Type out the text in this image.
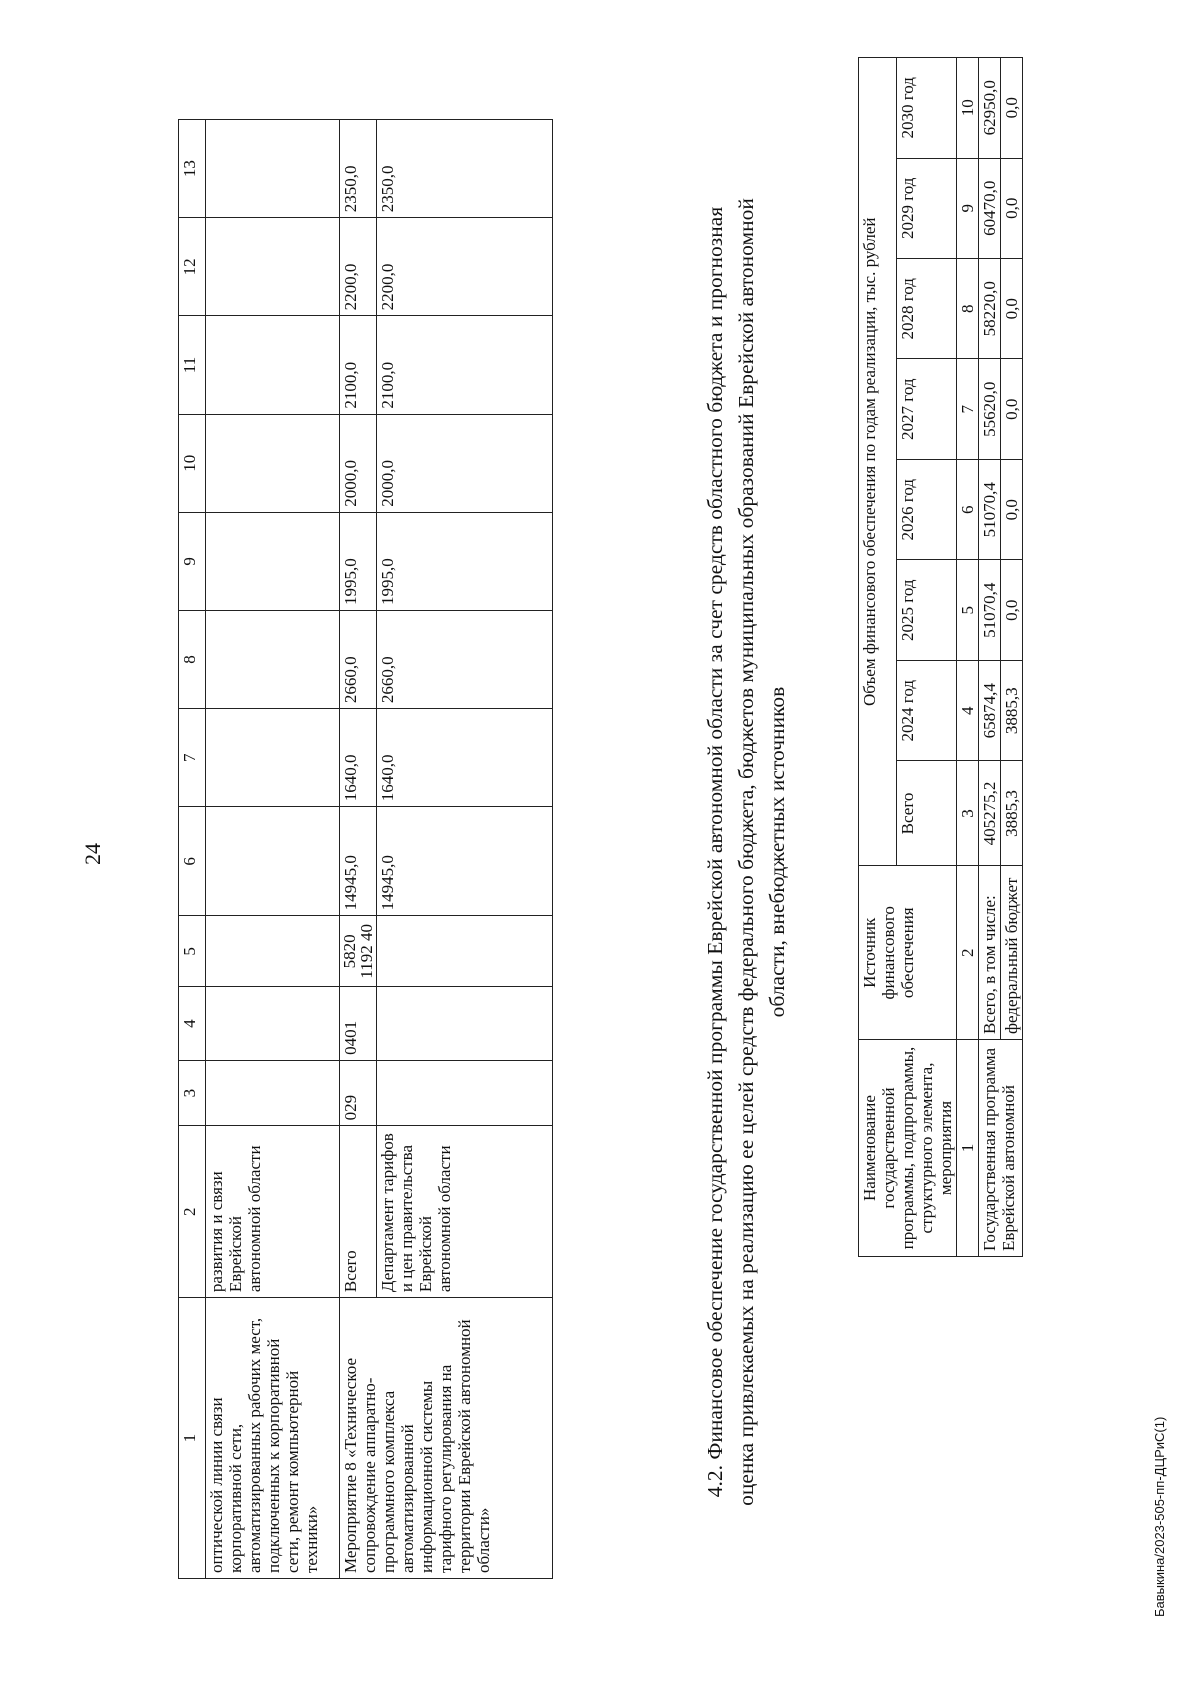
24
1	2	3	4	5	6	7	8	9	10	11	12	13
оптической линии связи корпоративной сети, автоматизированных рабочих мест, подключенных к корпоративной сети, ремонт компьютерной техники»	развития и связи Еврейской автономной области											
Мероприятие 8 «Техническое сопровождение аппаратно-программного комплекса автоматизированной информационной системы тарифного регулирования на территории Еврейской автономной области»	Всего	029	0401	5820 1192 40	14945,0	1640,0	2660,0	1995,0	2000,0	2100,0	2200,0	2350,0
	Департамент тарифов и цен правительства Еврейской автономной области				14945,0	1640,0	2660,0	1995,0	2000,0	2100,0	2200,0	2350,0
4.2. Финансовое обеспечение государственной программы Еврейской автономной области за счет средств областного бюджета и прогнозная оценка привлекаемых на реализацию ее целей средств федерального бюджета, бюджетов муниципальных образований Еврейской автономной области, внебюджетных источников
Наименование государственной программы, подпрограммы, структурного элемента, мероприятия	Источник финансового обеспечения	Объем финансового обеспечения по годам реализации, тыс. рублей							
		Всего	2024 год	2025 год	2026 год	2027 год	2028 год	2029 год	2030 год
1	2	3	4	5	6	7	8	9	10
Государственная программа Еврейской автономной	Всего, в том числе:	405275,2	65874,4	51070,4	51070,4	55620,0	58220,0	60470,0	62950,0
	федеральный бюджет	3885,3	3885,3	0,0	0,0	0,0	0,0	0,0	0,0
Бавыкина/2023-505-пп-ДЦРиС(1)
